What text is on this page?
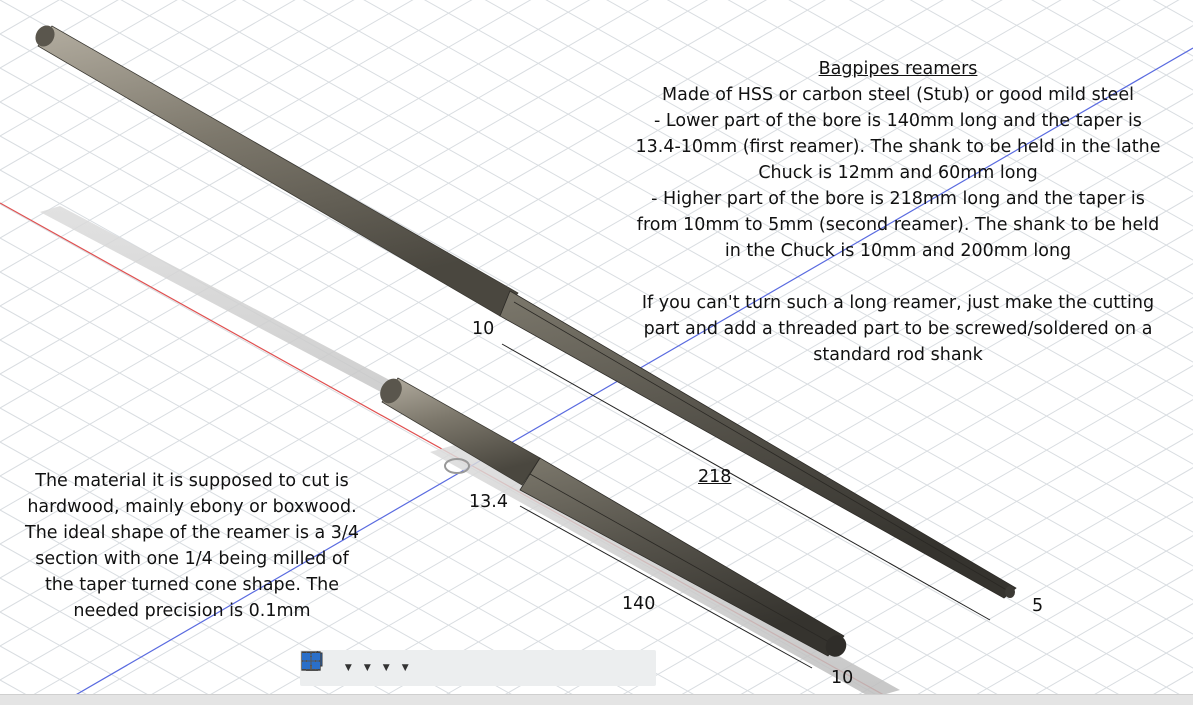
Bagpipes reamers

Made of HSS or carbon steel (Stub) or good mild steel

- Lower part of the bore is 140mm long and the taper is 13.4-10mm (first reamer). The shank to be held in the lathe Chuck is 12mm and 60mm long

- Higher part of the bore is 218mm long and the taper is from 10mm to 5mm (second reamer). The shank to be held in the Chuck is 10mm and 200mm long

If you can't turn such a long reamer, just make the cutting part and add a threaded part to be screwed/soldered on a standard rod shank

The material it is supposed to cut is hardwood, mainly ebony or boxwood. The ideal shape of the reamer is a 3/4 section with one 1/4 being milled of the taper turned cone shape. The needed precision is 0.1mm

10
218
5
13.4
140
10
▼ ▼ ▼ ▼
